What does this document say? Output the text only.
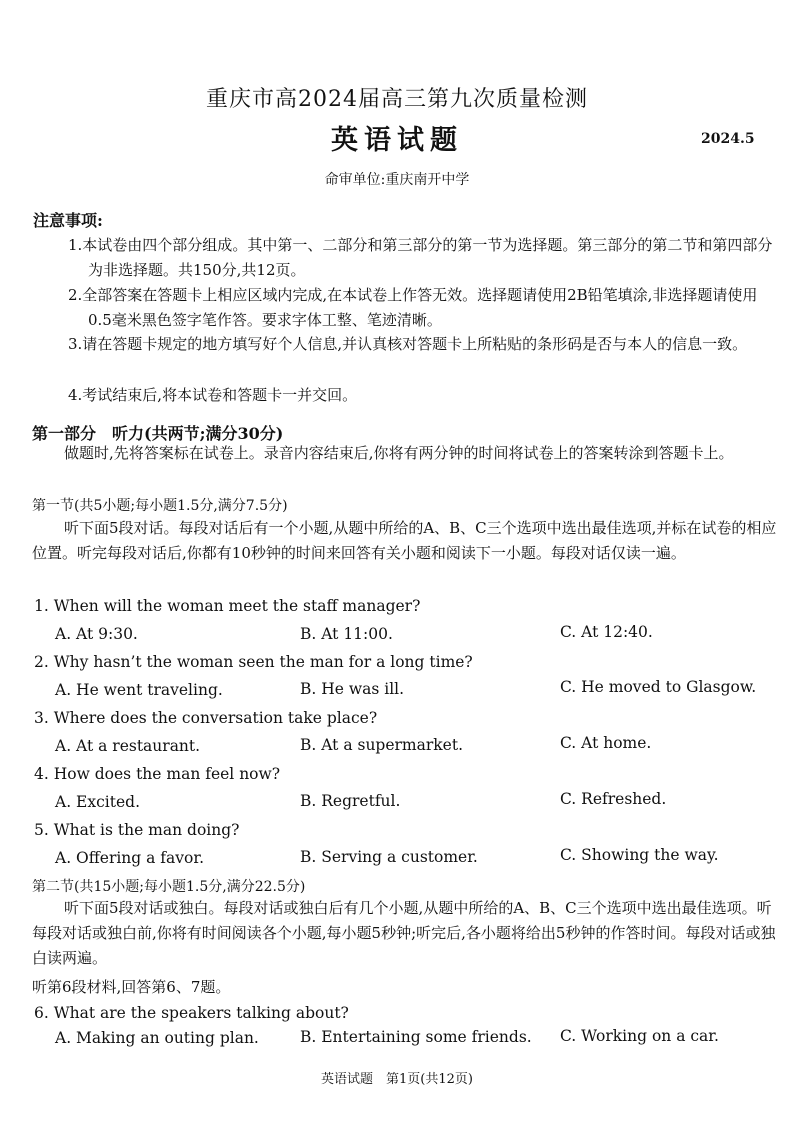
重庆市高2024届高三第九次质量检测
英语试题	2024.5
命审单位:重庆南开中学
注意事项:
1.本试卷由四个部分组成。其中第一、二部分和第三部分的第一节为选择题。第三部分的第二节和第四部分为非选择题。共150分,共12页。
2.全部答案在答题卡上相应区域内完成,在本试卷上作答无效。选择题请使用2B铅笔填涂,非选择题请使用0.5毫米黑色签字笔作答。要求字体工整、笔迹清晰。
3.请在答题卡规定的地方填写好个人信息,并认真核对答题卡上所粘贴的条形码是否与本人的信息一致。
4.考试结束后,将本试卷和答题卡一并交回。
第一部分　听力(共两节;满分30分)
做题时,先将答案标在试卷上。录音内容结束后,你将有两分钟的时间将试卷上的答案转涂到答题卡上。
第一节(共5小题;每小题1.5分,满分7.5分)
听下面5段对话。每段对话后有一个小题,从题中所给的A、B、C三个选项中选出最佳选项,并标在试卷的相应位置。听完每段对话后,你都有10秒钟的时间来回答有关小题和阅读下一小题。每段对话仅读一遍。
1. When will the woman meet the staff manager?
A. At 9:30.	B. At 11:00.	C. At 12:40.
2. Why hasn’t the woman seen the man for a long time?
A. He went traveling.	B. He was ill.	C. He moved to Glasgow.
3. Where does the conversation take place?
A. At a restaurant.	B. At a supermarket.	C. At home.
4. How does the man feel now?
A. Excited.	B. Regretful.	C. Refreshed.
5. What is the man doing?
A. Offering a favor.	B. Serving a customer.	C. Showing the way.
第二节(共15小题;每小题1.5分,满分22.5分)
听下面5段对话或独白。每段对话或独白后有几个小题,从题中所给的A、B、C三个选项中选出最佳选项。听每段对话或独白前,你将有时间阅读各个小题,每小题5秒钟;听完后,各小题将给出5秒钟的作答时间。每段对话或独白读两遍。
听第6段材料,回答第6、7题。
6. What are the speakers talking about?
A. Making an outing plan.	B. Entertaining some friends. C. Working on a car.
英语试题　第1页(共12页)
